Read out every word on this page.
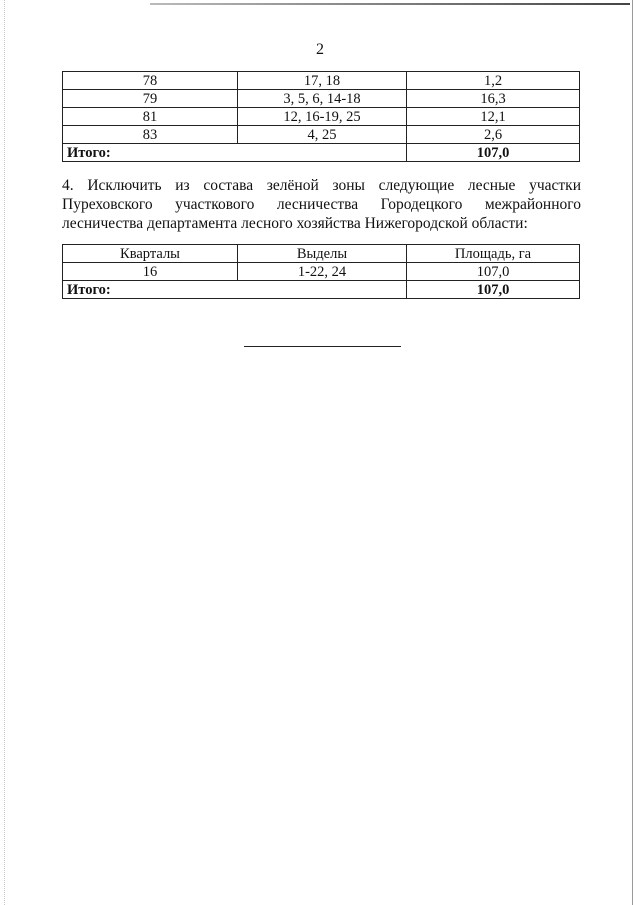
2
78	17, 18	1,2
79	3, 5, 6, 14-18	16,3
81	12, 16-19, 25	12,1
83	4, 25	2,6
Итого:		107,0
4. Исключить из состава зелёной зоны следующие лесные участки
Пуреховского участкового лесничества Городецкого межрайонного
лесничества департамента лесного хозяйства Нижегородской области:
Кварталы	Выделы	Площадь, га
16	1-22, 24	107,0
Итого:		107,0
